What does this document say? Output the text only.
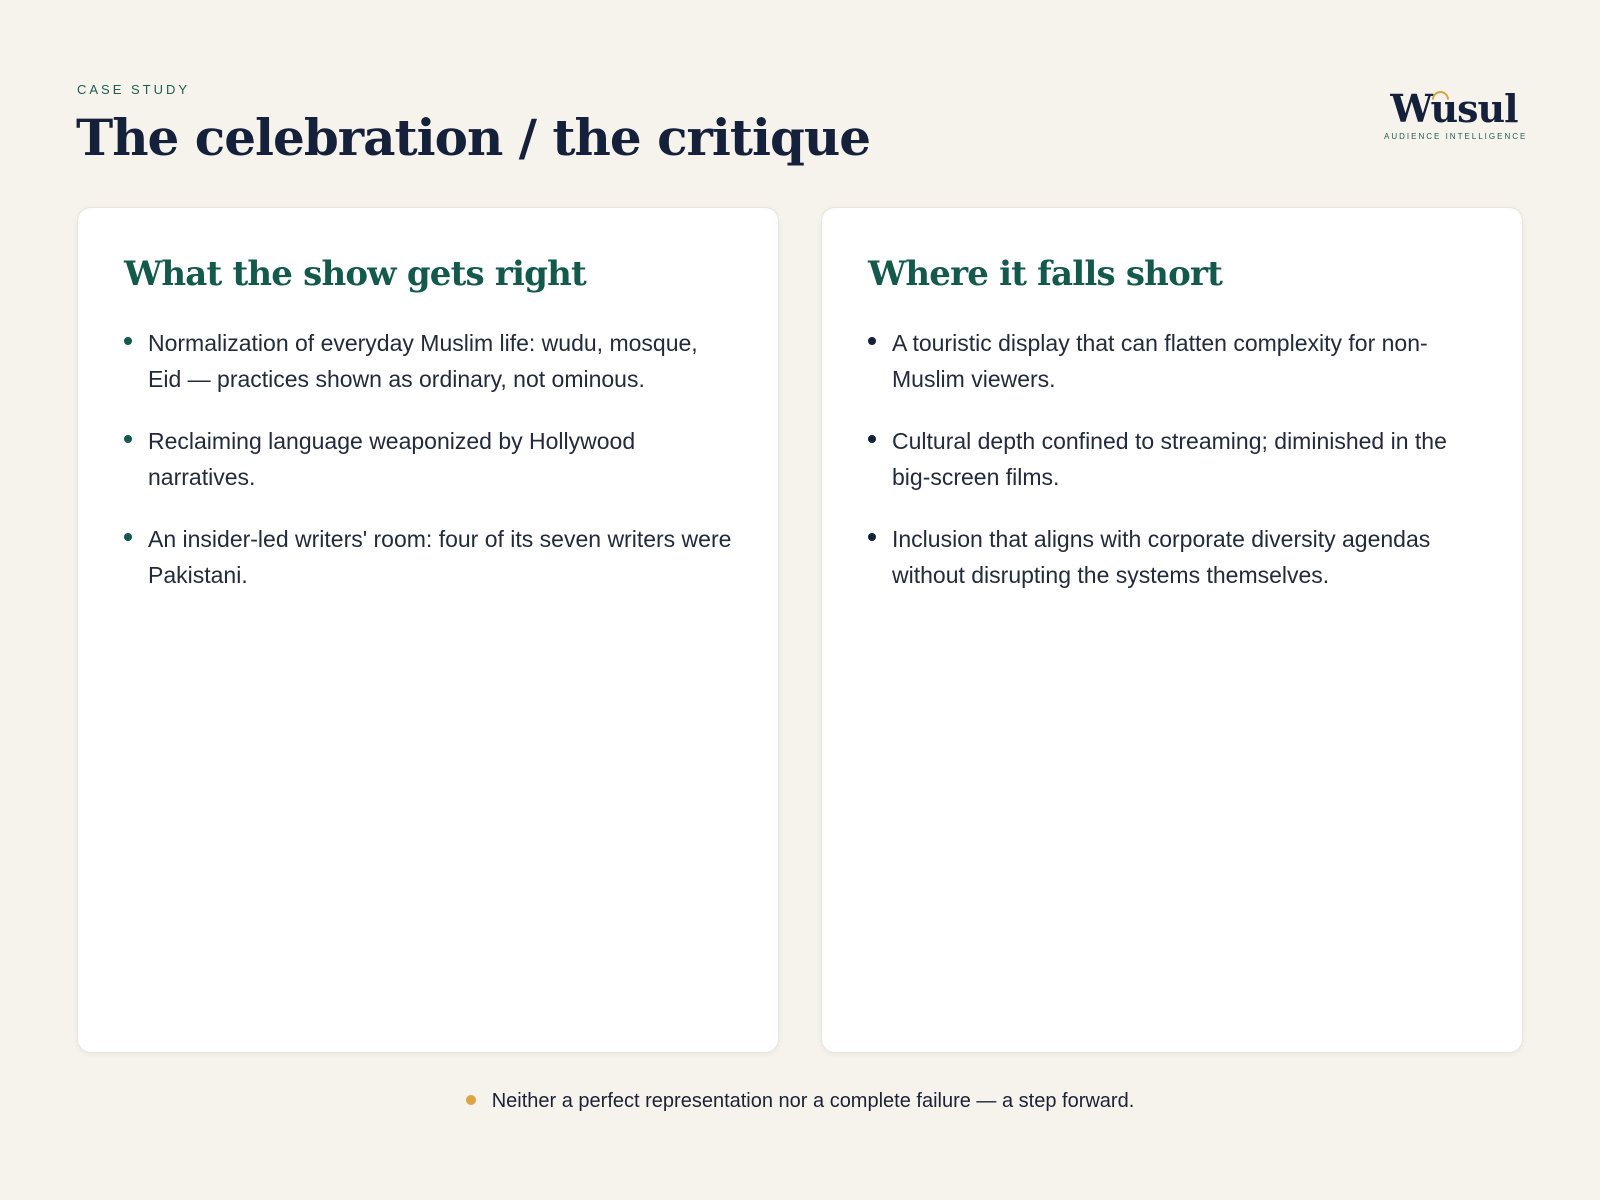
CASE STUDY
The celebration / the critique	Wusul
AUDIENCE INTELLIGENCE
What the show gets right
Normalization of everyday Muslim life: wudu, mosque, Eid — practices shown as ordinary, not ominous.
Reclaiming language weaponized by Hollywood narratives.
An insider-led writers' room: four of its seven writers were Pakistani.
Where it falls short
A touristic display that can flatten complexity for non-Muslim viewers.
Cultural depth confined to streaming; diminished in the big-screen films.
Inclusion that aligns with corporate diversity agendas without disrupting the systems themselves.
Neither a perfect representation nor a complete failure — a step forward.
